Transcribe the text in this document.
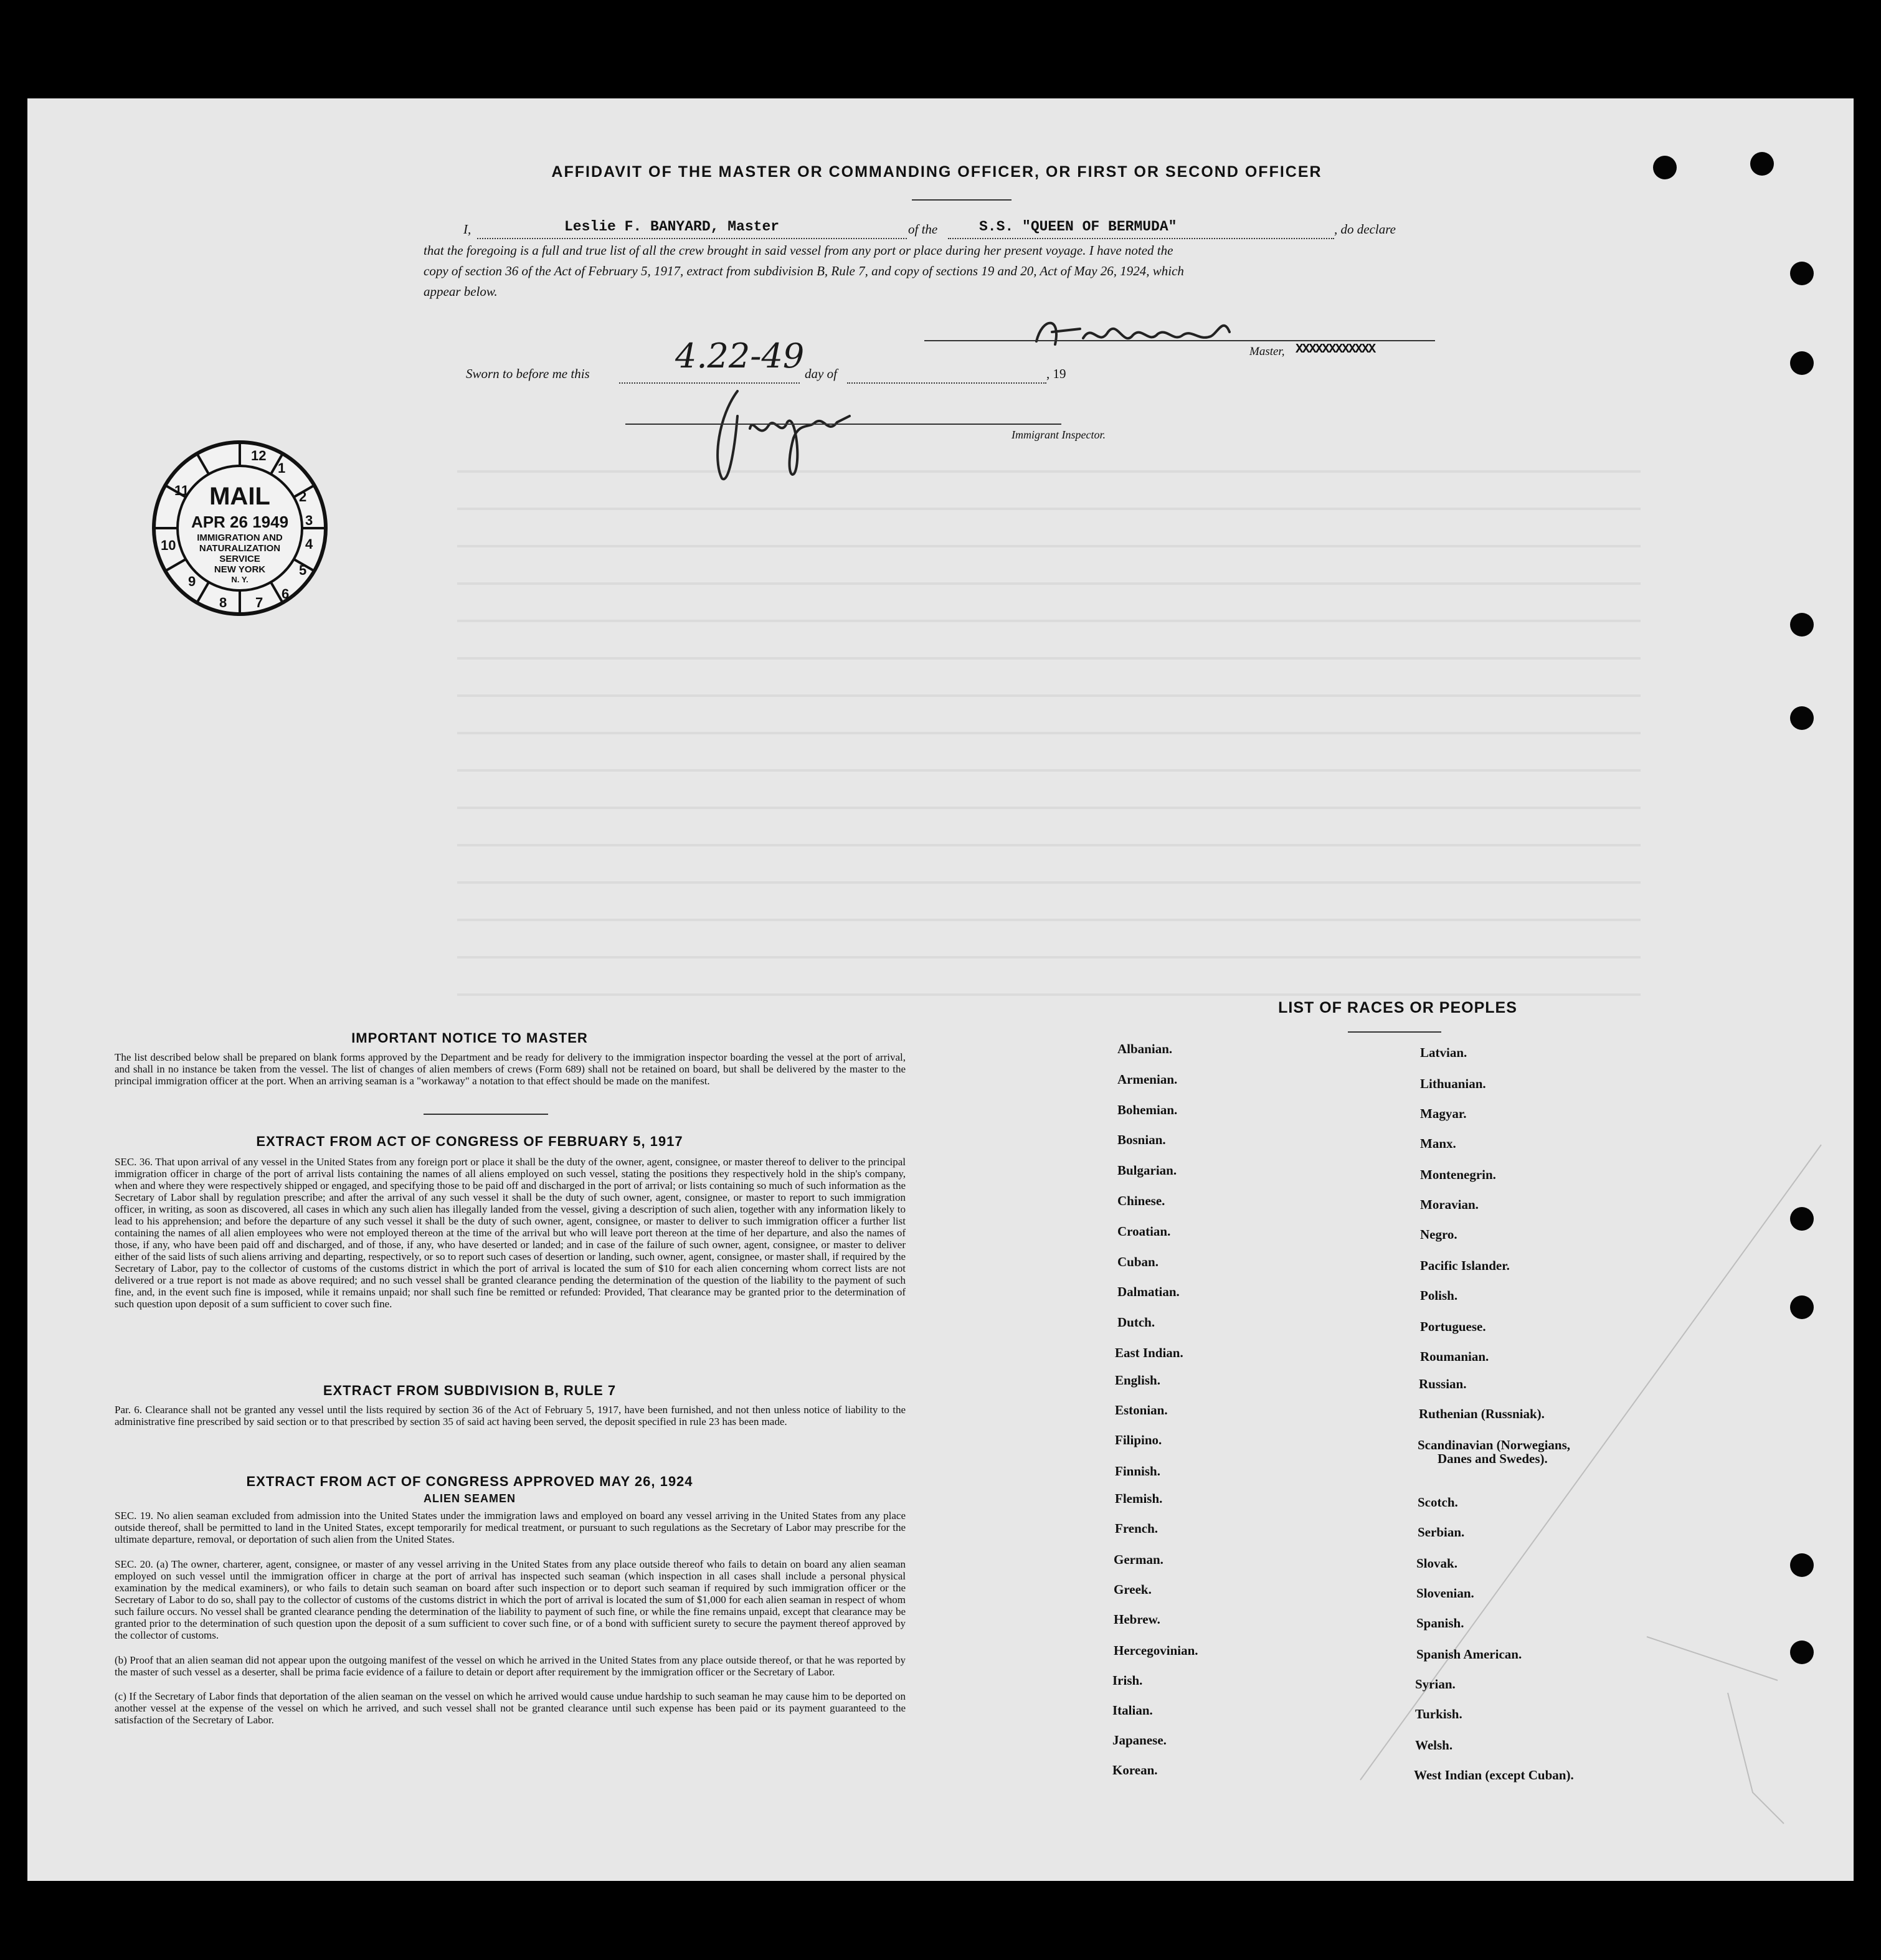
AFFIDAVIT OF THE MASTER OR COMMANDING OFFICER, OR FIRST OR SECOND OFFICER
I,	Leslie F. BANYARD, Master	of the	S.S. "QUEEN OF BERMUDA"	, do declare
that the foregoing is a full and true list of all the crew brought in said vessel from any port or place during her present voyage. I have noted the
copy of section 36 of the Act of February 5, 1917, extract from subdivision B, Rule 7, and copy of sections 19 and 20, Act of May 26, 1924, which
appear below.
Master, XXXXXXXXXXXX
Sworn to before me this	4.22-49 day of	, 19
Immigrant Inspector.
12
1
2
3
4
5
6
7
8
9
10
11 MAIL
APR 26 1949
IMMIGRATION AND
NATURALIZATION
SERVICE
NEW YORK
N. Y.
IMPORTANT NOTICE TO MASTER
The list described below shall be prepared on blank forms approved by the Department and be ready for delivery to the immigration inspector boarding the vessel at the port of arrival, and shall in no instance be taken from the vessel. The list of changes of alien members of crews (Form 689) shall not be retained on board, but shall be delivered by the master to the principal immigration officer at the port. When an arriving seaman is a "workaway" a notation to that effect should be made on the manifest.
EXTRACT FROM ACT OF CONGRESS OF FEBRUARY 5, 1917
SEC. 36. That upon arrival of any vessel in the United States from any foreign port or place it shall be the duty of the owner, agent, consignee, or master thereof to deliver to the principal immigration officer in charge of the port of arrival lists containing the names of all aliens employed on such vessel, stating the positions they respectively hold in the ship's company, when and where they were respectively shipped or engaged, and specifying those to be paid off and discharged in the port of arrival; or lists containing so much of such information as the Secretary of Labor shall by regulation prescribe; and after the arrival of any such vessel it shall be the duty of such owner, agent, consignee, or master to report to such immigration officer, in writing, as soon as discovered, all cases in which any such alien has illegally landed from the vessel, giving a description of such alien, together with any information likely to lead to his apprehension; and before the departure of any such vessel it shall be the duty of such owner, agent, consignee, or master to deliver to such immigration officer a further list containing the names of all alien employees who were not employed thereon at the time of the arrival but who will leave port thereon at the time of her departure, and also the names of those, if any, who have been paid off and discharged, and of those, if any, who have deserted or landed; and in case of the failure of such owner, agent, consignee, or master to deliver either of the said lists of such aliens arriving and departing, respectively, or so to report such cases of desertion or landing, such owner, agent, consignee, or master shall, if required by the Secretary of Labor, pay to the collector of customs of the customs district in which the port of arrival is located the sum of $10 for each alien concerning whom correct lists are not delivered or a true report is not made as above required; and no such vessel shall be granted clearance pending the determination of the question of the liability to the payment of such fine, and, in the event such fine is imposed, while it remains unpaid; nor shall such fine be remitted or refunded: Provided, That clearance may be granted prior to the determination of such question upon deposit of a sum sufficient to cover such fine.
EXTRACT FROM SUBDIVISION B, RULE 7
Par. 6. Clearance shall not be granted any vessel until the lists required by section 36 of the Act of February 5, 1917, have been furnished, and not then unless notice of liability to the administrative fine prescribed by said section or to that prescribed by section 35 of said act having been served, the deposit specified in rule 23 has been made.
EXTRACT FROM ACT OF CONGRESS APPROVED MAY 26, 1924
ALIEN SEAMEN
SEC. 19. No alien seaman excluded from admission into the United States under the immigration laws and employed on board any vessel arriving in the United States from any place outside thereof, shall be permitted to land in the United States, except temporarily for medical treatment, or pursuant to such regulations as the Secretary of Labor may prescribe for the ultimate departure, removal, or deportation of such alien from the United States.
SEC. 20. (a) The owner, charterer, agent, consignee, or master of any vessel arriving in the United States from any place outside thereof who fails to detain on board any alien seaman employed on such vessel until the immigration officer in charge at the port of arrival has inspected such seaman (which inspection in all cases shall include a personal physical examination by the medical examiners), or who fails to detain such seaman on board after such inspection or to deport such seaman if required by such immigration officer or the Secretary of Labor to do so, shall pay to the collector of customs of the customs district in which the port of arrival is located the sum of $1,000 for each alien seaman in respect of whom such failure occurs. No vessel shall be granted clearance pending the determination of the liability to payment of such fine, or while the fine remains unpaid, except that clearance may be granted prior to the determination of such question upon the deposit of a sum sufficient to cover such fine, or of a bond with sufficient surety to secure the payment thereof approved by the collector of customs.
(b) Proof that an alien seaman did not appear upon the outgoing manifest of the vessel on which he arrived in the United States from any place outside thereof, or that he was reported by the master of such vessel as a deserter, shall be prima facie evidence of a failure to detain or deport after requirement by the immigration officer or the Secretary of Labor.
(c) If the Secretary of Labor finds that deportation of the alien seaman on the vessel on which he arrived would cause undue hardship to such seaman he may cause him to be deported on another vessel at the expense of the vessel on which he arrived, and such vessel shall not be granted clearance until such expense has been paid or its payment guaranteed to the satisfaction of the Secretary of Labor.
LIST OF RACES OR PEOPLES
Albanian.
Armenian.
Bohemian.
Bosnian.
Bulgarian.
Chinese.
Croatian.
Cuban.
Dalmatian.
Dutch.
East Indian.
English.
Estonian.
Filipino.
Finnish.
Flemish.
French.
German.
Greek.
Hebrew.
Hercegovinian.
Irish.
Italian.
Japanese.
Korean.
Latvian.
Lithuanian.
Magyar.
Manx.
Montenegrin.
Moravian.
Negro.
Pacific Islander.
Polish.
Portuguese.
Roumanian.
Russian.
Ruthenian (Russniak).
Scandinavian (Norwegians,
Danes and Swedes).
Scotch.
Serbian.
Slovak.
Slovenian.
Spanish.
Spanish American.
Syrian.
Turkish.
Welsh.
West Indian (except Cuban).
